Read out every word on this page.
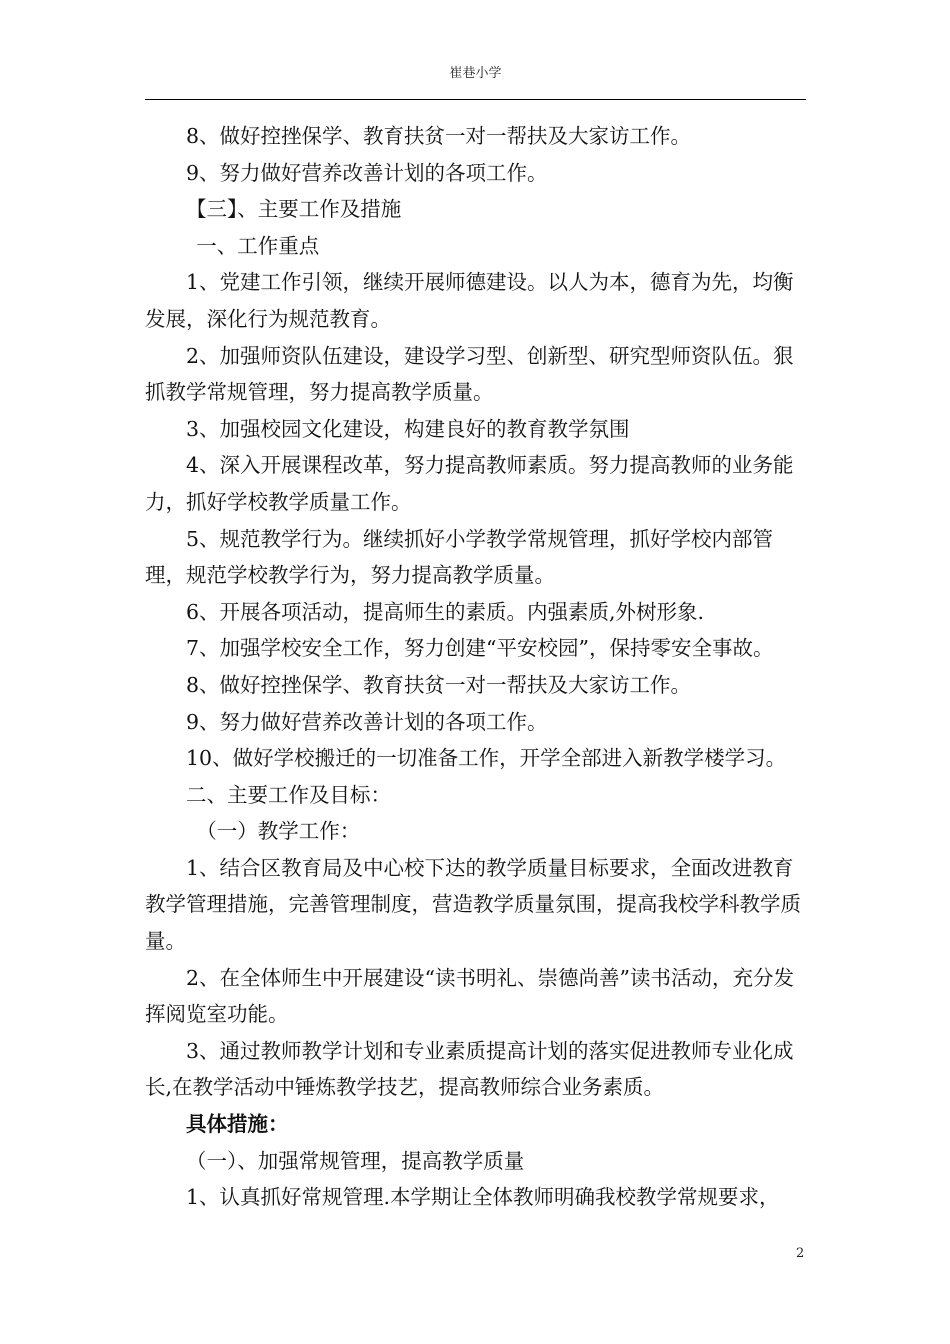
崔巷小学

8、做好控挫保学、教育扶贫一对一帮扶及大家访工作。

9、努力做好营养改善计划的各项工作。

【三】、主要工作及措施

一、工作重点

1、党建工作引领，继续开展师德建设。以人为本，德育为先，均衡发展，深化行为规范教育。

2、加强师资队伍建设，建设学习型、创新型、研究型师资队伍。狠抓教学常规管理，努力提高教学质量。

3、加强校园文化建设，构建良好的教育教学氛围

4、深入开展课程改革，努力提高教师素质。努力提高教师的业务能力，抓好学校教学质量工作。

5、规范教学行为。继续抓好小学教学常规管理，抓好学校内部管理，规范学校教学行为，努力提高教学质量。

6、开展各项活动，提高师生的素质。内强素质,外树形象.

7、加强学校安全工作，努力创建“平安校园”，保持零安全事故。

8、做好控挫保学、教育扶贫一对一帮扶及大家访工作。

9、努力做好营养改善计划的各项工作。

10、做好学校搬迁的一切准备工作，开学全部进入新教学楼学习。

二、主要工作及目标：

（一）教学工作：

1、结合区教育局及中心校下达的教学质量目标要求，全面改进教育教学管理措施，完善管理制度，营造教学质量氛围，提高我校学科教学质量。

2、在全体师生中开展建设“读书明礼、崇德尚善”读书活动，充分发挥阅览室功能。

3、通过教师教学计划和专业素质提高计划的落实促进教师专业化成长,在教学活动中锤炼教学技艺，提高教师综合业务素质。

具体措施：

（一）、加强常规管理，提高教学质量

1、认真抓好常规管理.本学期让全体教师明确我校教学常规要求，

2
